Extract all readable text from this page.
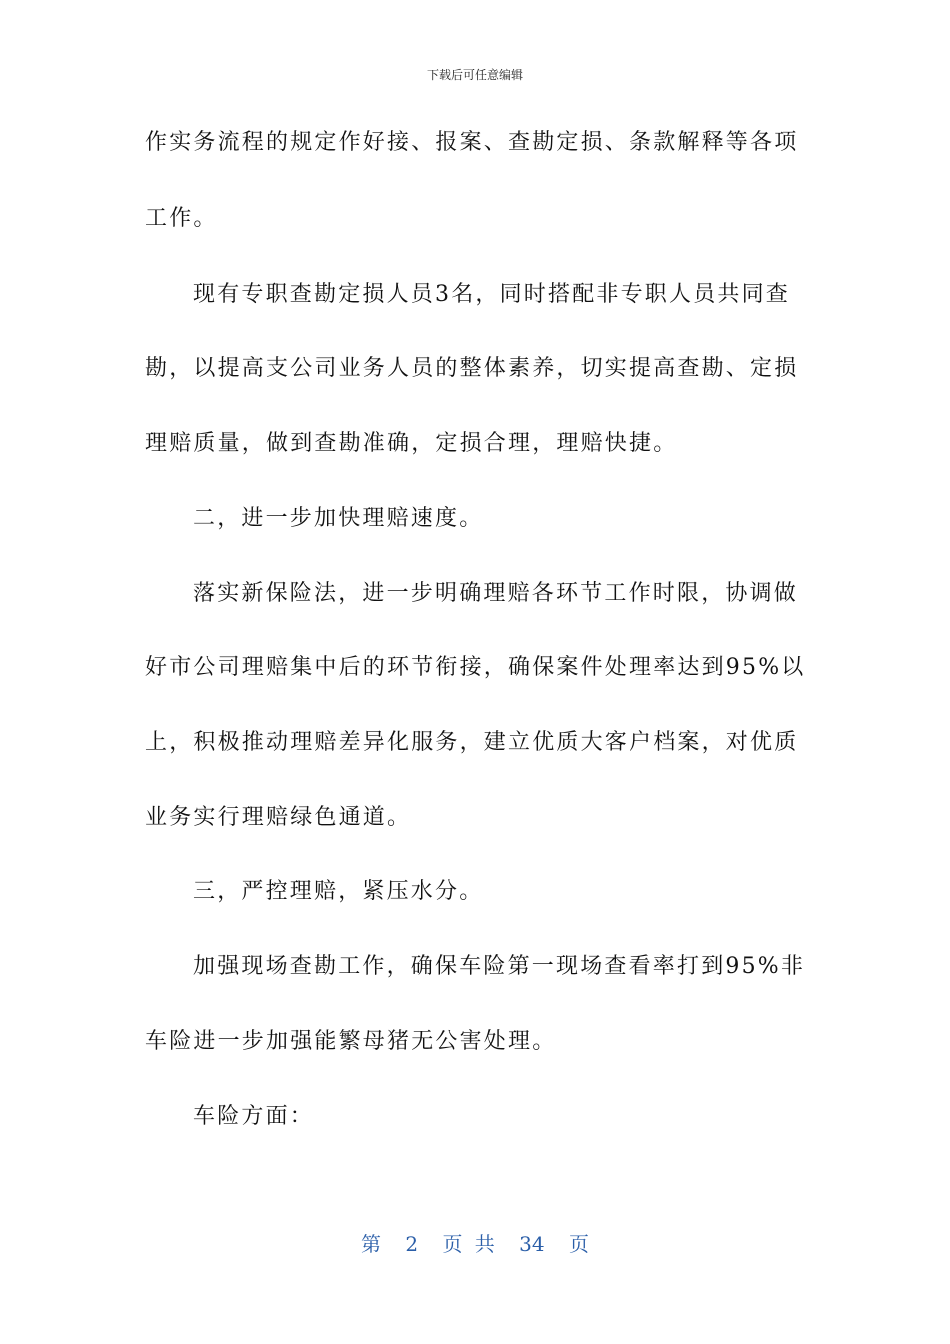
下载后可任意编辑
作实务流程的规定作好接、报案、查勘定损、条款解释等各项
工作。
现有专职查勘定损人员3名，同时搭配非专职人员共同查
勘，以提高支公司业务人员的整体素养，切实提高查勘、定损
理赔质量，做到查勘准确，定损合理，理赔快捷。
二，进一步加快理赔速度。
落实新保险法，进一步明确理赔各环节工作时限，协调做
好市公司理赔集中后的环节衔接，确保案件处理率达到95%以
上，积极推动理赔差异化服务，建立优质大客户档案，对优质
业务实行理赔绿色通道。
三，严控理赔，紧压水分。
加强现场查勘工作，确保车险第一现场查看率打到95%非
车险进一步加强能繁母猪无公害处理。
车险方面：
第 2 页 共 34 页
